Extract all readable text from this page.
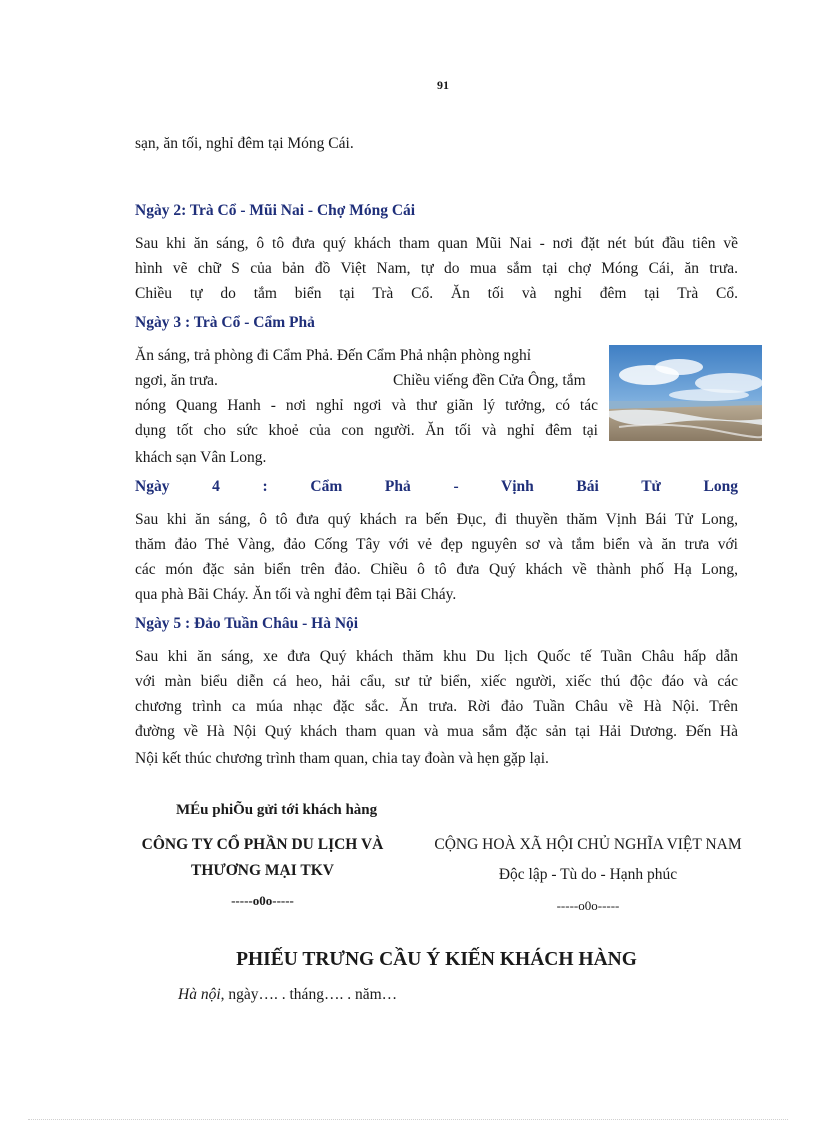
91

sạn, ăn tối, nghỉ đêm tại Móng Cái.

Ngày 2: Trà Cổ - Mũi Nai - Chợ Móng Cái

Sau khi ăn sáng, ô tô đưa quý khách tham quan Mũi Nai - nơi đặt nét bút đầu tiên về

hình vẽ chữ S của bản đồ Việt Nam, tự do mua sắm tại chợ Móng Cái, ăn trưa.

Chiều tự do tắm biển tại Trà Cổ. Ăn tối và nghỉ đêm tại Trà Cổ.

Ngày 3 : Trà Cổ - Cẩm Phả

Ăn sáng, trả phòng đi Cẩm Phả. Đến Cẩm Phả nhận phòng nghỉ

ngơi, ăn trưa.	Chiều viếng đền Cửa Ông, tắm

nóng Quang Hanh - nơi nghỉ ngơi và thư giãn lý tưởng, có tác

dụng tốt cho sức khoẻ của con người. Ăn tối và nghỉ đêm tại

khách sạn Vân Long.

Ngày 4 : Cẩm Phả - Vịnh Bái Tử Long

Sau khi ăn sáng, ô tô đưa quý khách ra bến Đục, đi thuyền thăm Vịnh Bái Tử Long,

thăm đảo Thẻ Vàng, đảo Cống Tây với vẻ đẹp nguyên sơ và tắm biển và ăn trưa với

các món đặc sản biển trên đảo. Chiều ô tô đưa Quý khách về thành phố Hạ Long,

qua phà Bãi Cháy. Ăn tối và nghỉ đêm tại Bãi Cháy.

Ngày 5 : Đảo Tuần Châu - Hà Nội

Sau khi ăn sáng, xe đưa Quý khách thăm khu Du lịch Quốc tế Tuần Châu hấp dẫn

với màn biểu diễn cá heo, hải cẩu, sư tử biển, xiếc người, xiếc thú độc đáo và các

chương trình ca múa nhạc đặc sắc. Ăn trưa. Rời đảo Tuần Châu về Hà Nội. Trên

đường về Hà Nội Quý khách tham quan và mua sắm đặc sản tại Hải Dương. Đến Hà

Nội kết thúc chương trình tham quan, chia tay đoàn và hẹn gặp lại.

MÉu phiÕu gửi tới khách hàng
CÔNG TY CỔ PHẦN DU LỊCH VÀ
THƯƠNG MẠI TKV
-----o0o-----
CỘNG HOÀ XÃ HỘI CHỦ NGHĨA VIỆT NAM
Độc lập - Tù do - Hạnh phúc
-----o0o-----
PHIẾU TRƯNG CẦU Ý KIẾN KHÁCH HÀNG
Hà nội, ngày…. . tháng…. . năm…
